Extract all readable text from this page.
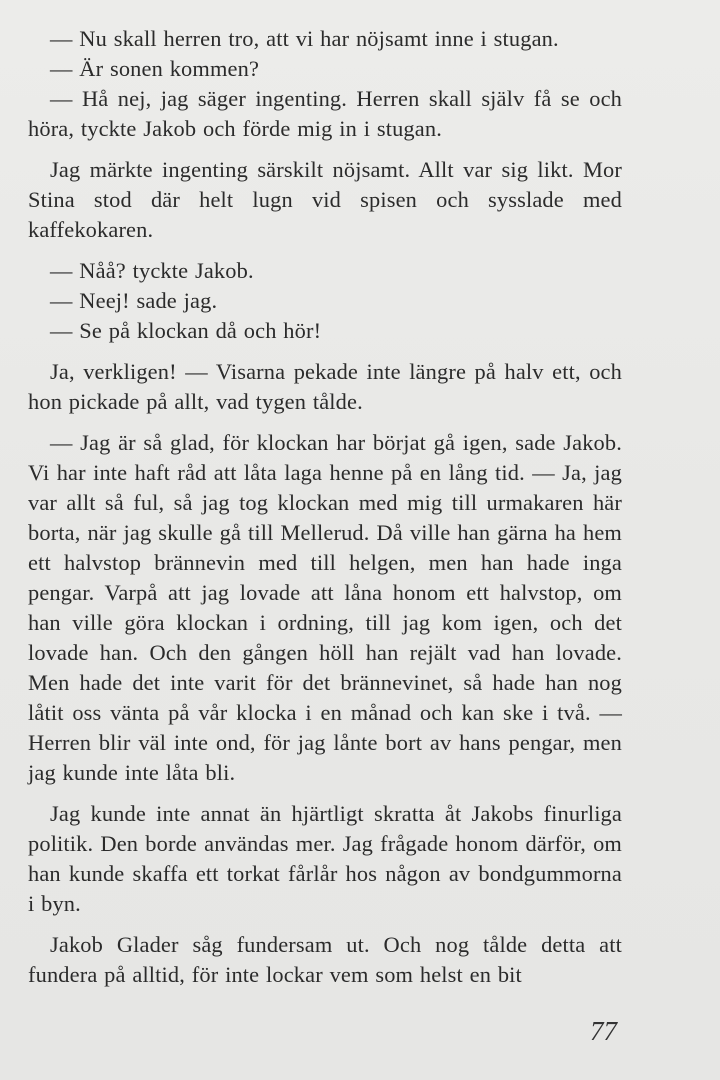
— Nu skall herren tro, att vi har nöjsamt inne i stugan.

— Är sonen kommen?

— Hå nej, jag säger ingenting. Herren skall själv få se och höra, tyckte Jakob och förde mig in i stugan.

Jag märkte ingenting särskilt nöjsamt. Allt var sig likt. Mor Stina stod där helt lugn vid spisen och sysslade med kaffekokaren.

— Nåå? tyckte Jakob.

— Neej! sade jag.

— Se på klockan då och hör!

Ja, verkligen! — Visarna pekade inte längre på halv ett, och hon pickade på allt, vad tygen tålde.

— Jag är så glad, för klockan har börjat gå igen, sade Jakob. Vi har inte haft råd att låta laga henne på en lång tid. — Ja, jag var allt så ful, så jag tog klockan med mig till urmakaren här borta, när jag skulle gå till Mellerud. Då ville han gärna ha hem ett halvstop brännevin med till helgen, men han hade inga pengar. Varpå att jag lovade att låna honom ett halvstop, om han ville göra klockan i ordning, till jag kom igen, och det lovade han. Och den gången höll han rejält vad han lovade. Men hade det inte varit för det brännevinet, så hade han nog låtit oss vänta på vår klocka i en månad och kan ske i två. — Herren blir väl inte ond, för jag lånte bort av hans pengar, men jag kunde inte låta bli.

Jag kunde inte annat än hjärtligt skratta åt Jakobs finurliga politik. Den borde användas mer. Jag frågade honom därför, om han kunde skaffa ett torkat fårlår hos någon av bondgummorna i byn.

Jakob Glader såg fundersam ut. Och nog tålde detta att fundera på alltid, för inte lockar vem som helst en bit

77
